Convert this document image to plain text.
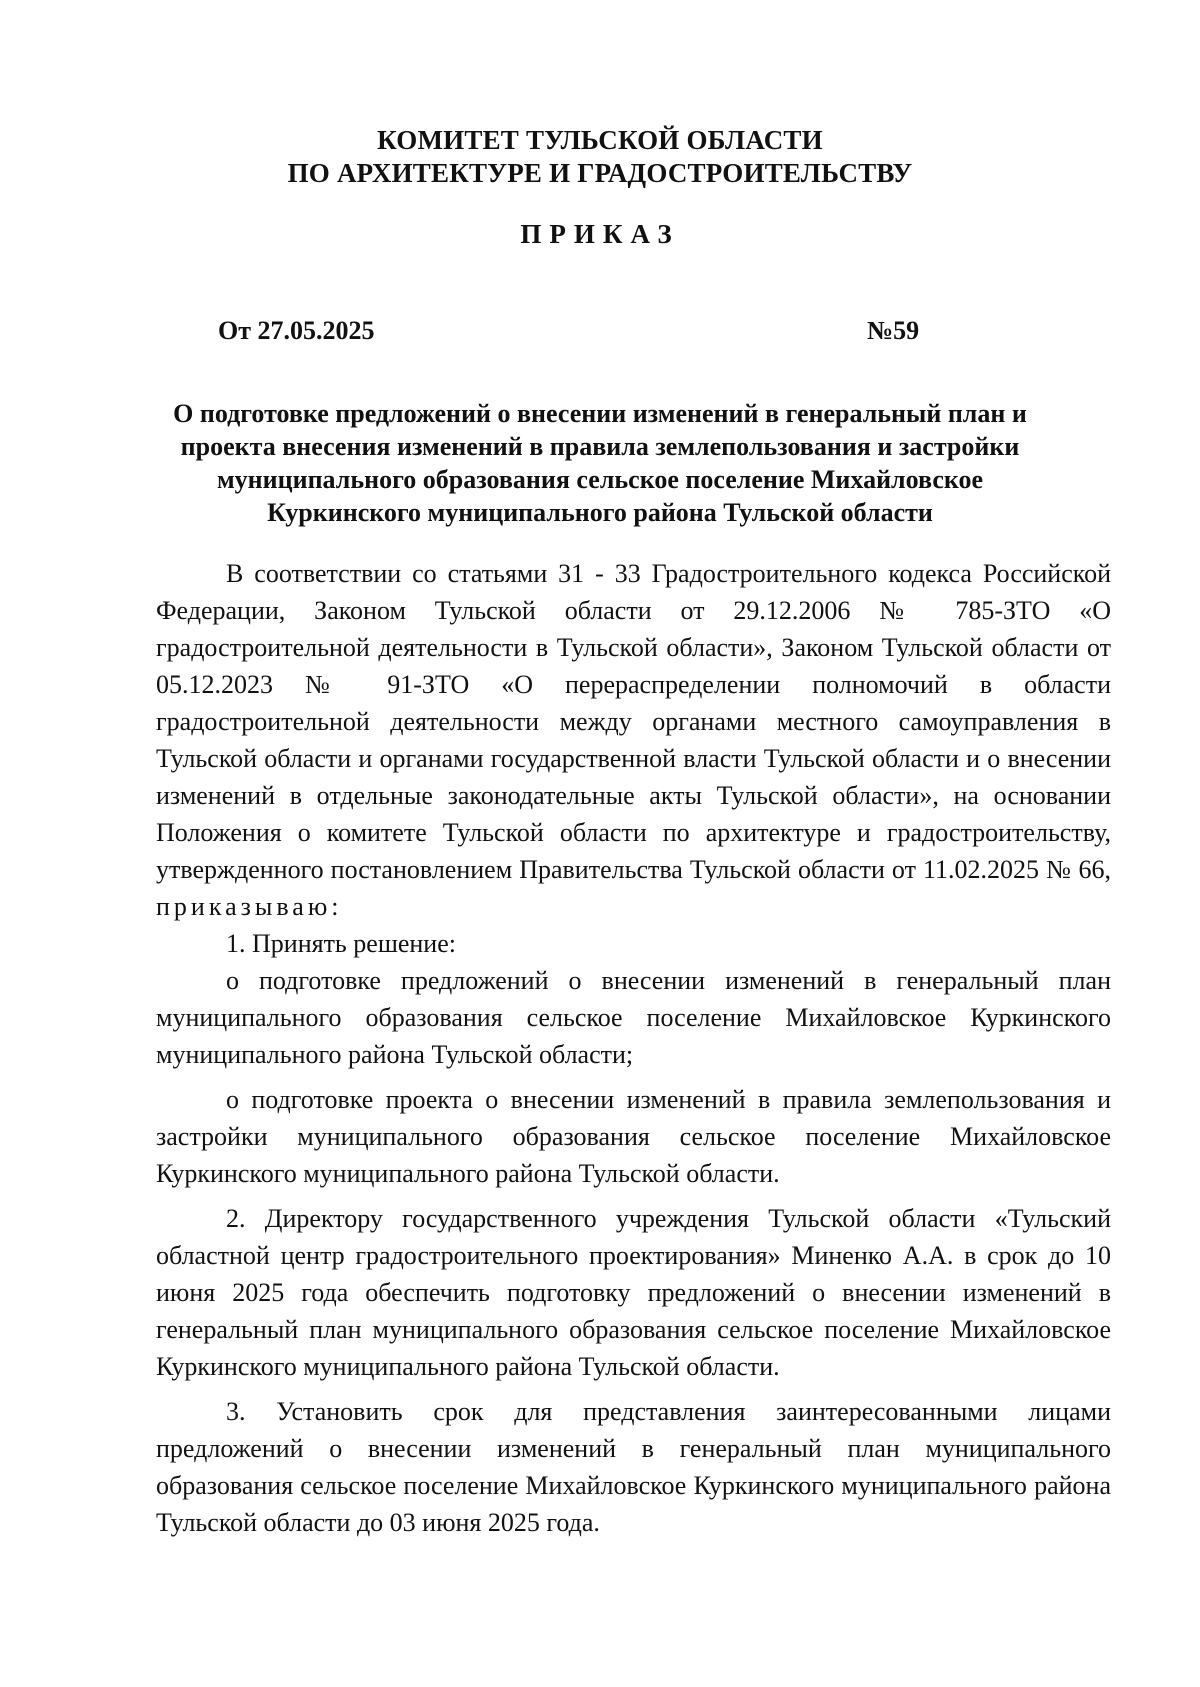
КОМИТЕТ ТУЛЬСКОЙ ОБЛАСТИ
ПО АРХИТЕКТУРЕ И ГРАДОСТРОИТЕЛЬСТВУ
ПРИКАЗ
От 27.05.2025	№59
О подготовке предложений о внесении изменений в генеральный план и
проекта внесения изменений в правила землепользования и застройки
муниципального образования сельское поселение Михайловское
Куркинского муниципального района Тульской области

В соответствии со статьями 31 - 33 Градостроительного кодекса Российской Федерации, Законом Тульской области от 29.12.2006 № 785-ЗТО «О градостроительной деятельности в Тульской области», Законом Тульской области от 05.12.2023 № 91-ЗТО «О перераспределении полномочий в области градостроительной деятельности между органами местного самоуправления в Тульской области и органами государственной власти Тульской области и о внесении изменений в отдельные законодательные акты Тульской области», на основании Положения о комитете Тульской области по архитектуре и градостроительству, утвержденного постановлением Правительства Тульской области от 11.02.2025 № 66, приказываю:

1. Принять решение:

о подготовке предложений о внесении изменений в генеральный план муниципального образования сельское поселение Михайловское Куркинского муниципального района Тульской области;

о подготовке проекта о внесении изменений в правила землепользования и застройки муниципального образования сельское поселение Михайловское Куркинского муниципального района Тульской области.

2. Директору государственного учреждения Тульской области «Тульский областной центр градостроительного проектирования» Миненко А.А. в срок до 10 июня 2025 года обеспечить подготовку предложений о внесении изменений в генеральный план муниципального образования сельское поселение Михайловское Куркинского муниципального района Тульской области.

3. Установить срок для представления заинтересованными лицами предложений о внесении изменений в генеральный план муниципального образования сельское поселение Михайловское Куркинского муниципального района Тульской области до 03 июня 2025 года.
